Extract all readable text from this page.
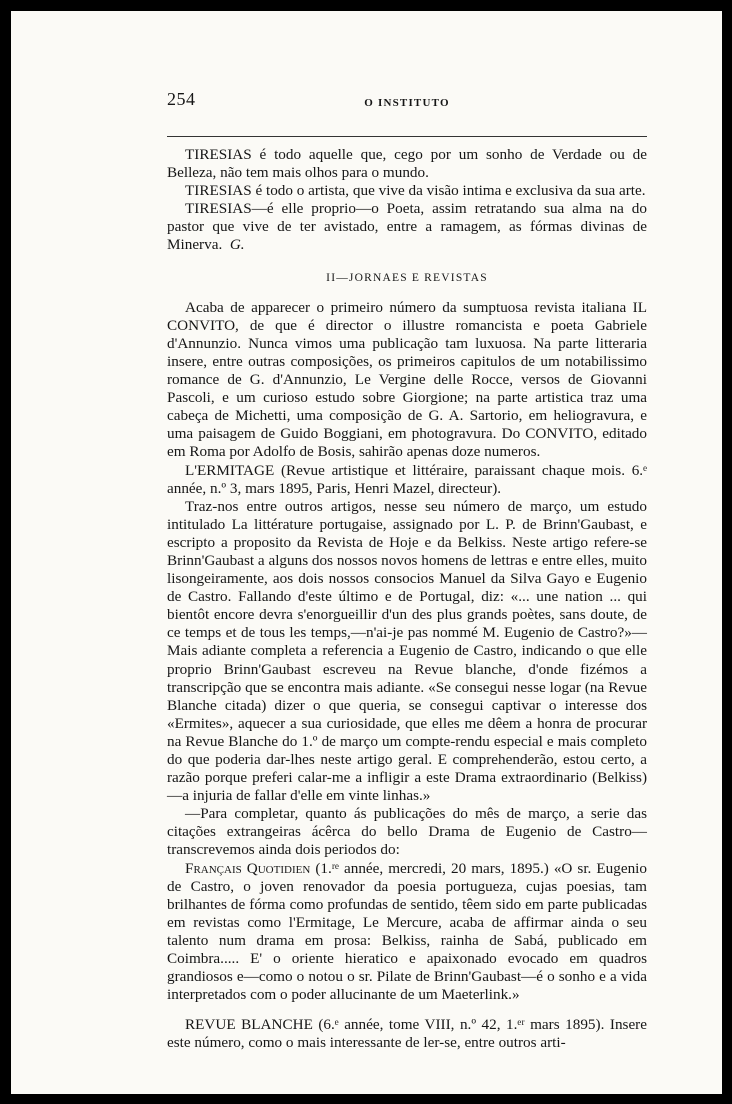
254	O INSTITUTO

TIRESIAS é todo aquelle que, cego por um sonho de Verdade ou de Belleza, não tem mais olhos para o mundo.

TIRESIAS é todo o artista, que vive da visão intima e exclusiva da sua arte.

TIRESIAS—é elle proprio—o Poeta, assim retratando sua alma na do pastor que vive de ter avistado, entre a ramagem, as fórmas divinas de Minerva. G.

II—JORNAES E REVISTAS

Acaba de apparecer o primeiro número da sumptuosa revista italiana IL CONVITO, de que é director o illustre romancista e poeta Gabriele d'Annunzio. Nunca vimos uma publicação tam luxuosa. Na parte litteraria insere, entre outras composições, os primeiros capitulos de um notabilissimo romance de G. d'Annunzio, Le Vergine delle Rocce, versos de Giovanni Pascoli, e um curioso estudo sobre Giorgione; na parte artistica traz uma cabeça de Michetti, uma composição de G. A. Sartorio, em heliogravura, e uma paisagem de Guido Boggiani, em photogravura. Do CONVITO, editado em Roma por Adolfo de Bosis, sahirão apenas doze numeros.

L'ERMITAGE (Revue artistique et littéraire, paraissant chaque mois. 6.ᵉ année, n.º 3, mars 1895, Paris, Henri Mazel, directeur).

Traz-nos entre outros artigos, nesse seu número de março, um estudo intitulado La littérature portugaise, assignado por L. P. de Brinn'Gaubast, e escripto a proposito da Revista de Hoje e da Belkiss. Neste artigo refere-se Brinn'Gaubast a alguns dos nossos novos homens de lettras e entre elles, muito lisongeiramente, aos dois nossos consocios Manuel da Silva Gayo e Eugenio de Castro. Fallando d'este último e de Portugal, diz: «... une nation ... qui bientôt encore devra s'enorgueillir d'un des plus grands poètes, sans doute, de ce temps et de tous les temps,—n'ai-je pas nommé M. Eugenio de Castro?»—Mais adiante completa a referencia a Eugenio de Castro, indicando o que elle proprio Brinn'Gaubast escreveu na Revue blanche, d'onde fizémos a transcripção que se encontra mais adiante. «Se consegui nesse logar (na Revue Blanche citada) dizer o que queria, se consegui captivar o interesse dos «Ermites», aquecer a sua curiosidade, que elles me dêem a honra de procurar na Revue Blanche do 1.º de março um compte-rendu especial e mais completo do que poderia dar-lhes neste artigo geral. E comprehenderão, estou certo, a razão porque preferi calar-me a infligir a este Drama extraordinario (Belkiss)—a injuria de fallar d'elle em vinte linhas.»

—Para completar, quanto ás publicações do mês de março, a serie das citações extrangeiras ácêrca do bello Drama de Eugenio de Castro—transcrevemos ainda dois periodos do:

Français Quotidien (1.ʳᵉ année, mercredi, 20 mars, 1895.) «O sr. Eugenio de Castro, o joven renovador da poesia portugueza, cujas poesias, tam brilhantes de fórma como profundas de sentido, têem sido em parte publicadas em revistas como l'Ermitage, Le Mercure, acaba de affirmar ainda o seu talento num drama em prosa: Belkiss, rainha de Sabá, publicado em Coimbra..... E' o oriente hieratico e apaixonado evocado em quadros grandiosos e—como o notou o sr. Pilate de Brinn'Gaubast—é o sonho e a vida interpretados com o poder allucinante de um Maeterlink.»

REVUE BLANCHE (6.ᵉ année, tome VIII, n.º 42, 1.ᵉʳ mars 1895). Insere este número, como o mais interessante de ler-se, entre outros arti-
